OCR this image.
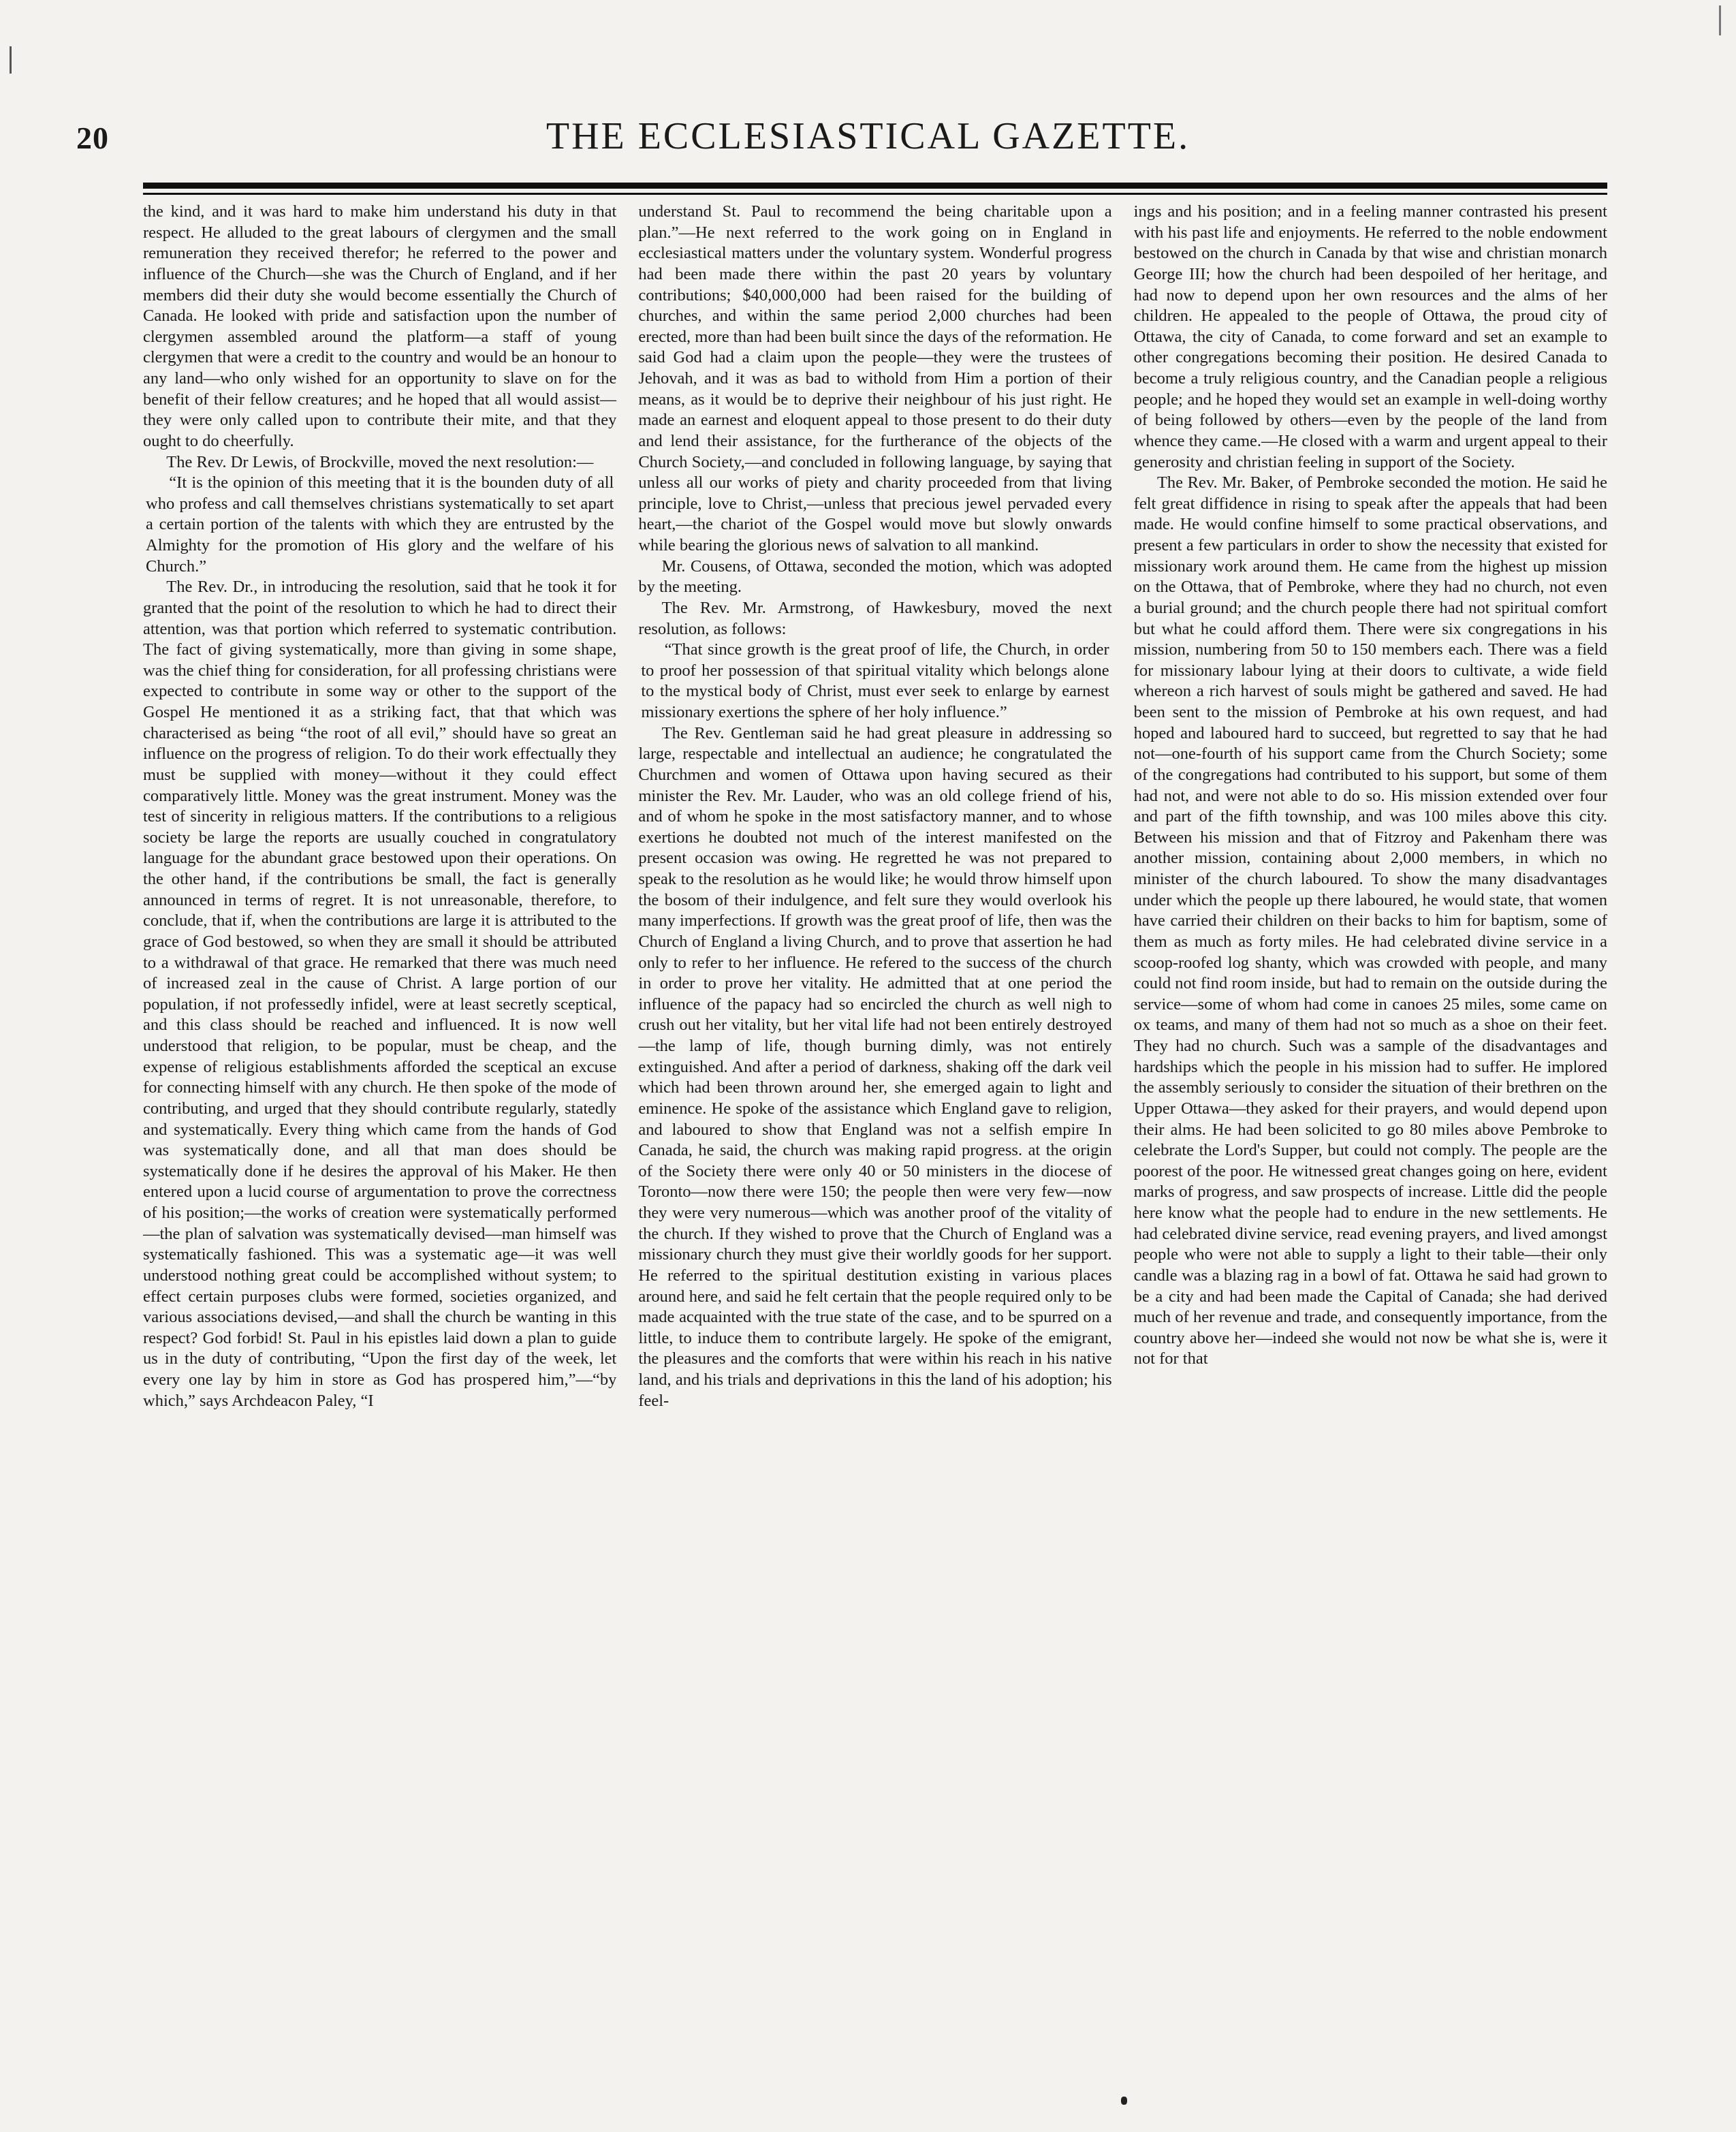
20	THE ECCLESIASTICAL GAZETTE.

the kind, and it was hard to make him understand his duty in that respect. He alluded to the great labours of clergymen and the small remuneration they received therefor; he referred to the power and influence of the Church—she was the Church of England, and if her members did their duty she would become essentially the Church of Canada. He looked with pride and satisfaction upon the number of clergymen assembled around the platform—a staff of young clergymen that were a credit to the country and would be an honour to any land—who only wished for an opportunity to slave on for the benefit of their fellow creatures; and he hoped that all would assist—they were only called upon to contribute their mite, and that they ought to do cheerfully.

The Rev. Dr Lewis, of Brockville, moved the next resolution:—

“It is the opinion of this meeting that it is the bounden duty of all who profess and call themselves christians systematically to set apart a certain portion of the talents with which they are entrusted by the Almighty for the promotion of His glory and the welfare of his Church.”

The Rev. Dr., in introducing the resolution, said that he took it for granted that the point of the resolution to which he had to direct their attention, was that portion which referred to systematic contribution. The fact of giving systematically, more than giving in some shape, was the chief thing for consideration, for all professing christians were expected to contribute in some way or other to the support of the Gospel He mentioned it as a striking fact, that that which was characterised as being “the root of all evil,” should have so great an influence on the progress of religion. To do their work effectually they must be supplied with money—without it they could effect comparatively little. Money was the great instrument. Money was the test of sincerity in religious matters. If the contributions to a religious society be large the reports are usually couched in congratulatory language for the abundant grace bestowed upon their operations. On the other hand, if the contributions be small, the fact is generally announced in terms of regret. It is not unreasonable, therefore, to conclude, that if, when the contributions are large it is attributed to the grace of God bestowed, so when they are small it should be attributed to a withdrawal of that grace. He remarked that there was much need of increased zeal in the cause of Christ. A large portion of our population, if not professedly infidel, were at least secretly sceptical, and this class should be reached and influenced. It is now well understood that religion, to be popular, must be cheap, and the expense of religious establishments afforded the sceptical an excuse for connecting himself with any church. He then spoke of the mode of contributing, and urged that they should contribute regularly, statedly and systematically. Every thing which came from the hands of God was systematically done, and all that man does should be systematically done if he desires the approval of his Maker. He then entered upon a lucid course of argumentation to prove the correctness of his position;—the works of creation were systematically performed—the plan of salvation was systematically devised—man himself was systematically fashioned. This was a systematic age—it was well understood nothing great could be accomplished without system; to effect certain purposes clubs were formed, societies organized, and various associations devised,—and shall the church be wanting in this respect? God forbid! St. Paul in his epistles laid down a plan to guide us in the duty of contributing, “Upon the first day of the week, let every one lay by him in store as God has prospered him,”—“by which,” says Archdeacon Paley, “I

understand St. Paul to recommend the being charitable upon a plan.”—He next referred to the work going on in England in ecclesiastical matters under the voluntary system. Wonderful progress had been made there within the past 20 years by voluntary contributions; $40,000,000 had been raised for the building of churches, and within the same period 2,000 churches had been erected, more than had been built since the days of the reformation. He said God had a claim upon the people—they were the trustees of Jehovah, and it was as bad to withold from Him a portion of their means, as it would be to deprive their neighbour of his just right. He made an earnest and eloquent appeal to those present to do their duty and lend their assistance, for the furtherance of the objects of the Church Society,—and concluded in following language, by saying that unless all our works of piety and charity proceeded from that living principle, love to Christ,—unless that precious jewel pervaded every heart,—the chariot of the Gospel would move but slowly onwards while bearing the glorious news of salvation to all mankind.

Mr. Cousens, of Ottawa, seconded the motion, which was adopted by the meeting.

The Rev. Mr. Armstrong, of Hawkesbury, moved the next resolution, as follows:

“That since growth is the great proof of life, the Church, in order to proof her possession of that spiritual vitality which belongs alone to the mystical body of Christ, must ever seek to enlarge by earnest missionary exertions the sphere of her holy influence.”

The Rev. Gentleman said he had great pleasure in addressing so large, respectable and intellectual an audience; he congratulated the Churchmen and women of Ottawa upon having secured as their minister the Rev. Mr. Lauder, who was an old college friend of his, and of whom he spoke in the most satisfactory manner, and to whose exertions he doubted not much of the interest manifested on the present occasion was owing. He regretted he was not prepared to speak to the resolution as he would like; he would throw himself upon the bosom of their indulgence, and felt sure they would overlook his many imperfections. If growth was the great proof of life, then was the Church of England a living Church, and to prove that assertion he had only to refer to her influence. He refered to the success of the church in order to prove her vitality. He admitted that at one period the influence of the papacy had so encircled the church as well nigh to crush out her vitality, but her vital life had not been entirely destroyed—the lamp of life, though burning dimly, was not entirely extinguished. And after a period of darkness, shaking off the dark veil which had been thrown around her, she emerged again to light and eminence. He spoke of the assistance which England gave to religion, and laboured to show that England was not a selfish empire In Canada, he said, the church was making rapid progress. at the origin of the Society there were only 40 or 50 ministers in the diocese of Toronto—now there were 150; the people then were very few—now they were very numerous—which was another proof of the vitality of the church. If they wished to prove that the Church of England was a missionary church they must give their worldly goods for her support. He referred to the spiritual destitution existing in various places around here, and said he felt certain that the people required only to be made acquainted with the true state of the case, and to be spurred on a little, to induce them to contribute largely. He spoke of the emigrant, the pleasures and the comforts that were within his reach in his native land, and his trials and deprivations in this the land of his adoption; his feel-

ings and his position; and in a feeling manner contrasted his present with his past life and enjoyments. He referred to the noble endowment bestowed on the church in Canada by that wise and christian monarch George III; how the church had been despoiled of her heritage, and had now to depend upon her own resources and the alms of her children. He appealed to the people of Ottawa, the proud city of Ottawa, the city of Canada, to come forward and set an example to other congregations becoming their position. He desired Canada to become a truly religious country, and the Canadian people a religious people; and he hoped they would set an example in well-doing worthy of being followed by others—even by the people of the land from whence they came.—He closed with a warm and urgent appeal to their generosity and christian feeling in support of the Society.

The Rev. Mr. Baker, of Pembroke seconded the motion. He said he felt great diffidence in rising to speak after the appeals that had been made. He would confine himself to some practical observations, and present a few particulars in order to show the necessity that existed for missionary work around them. He came from the highest up mission on the Ottawa, that of Pembroke, where they had no church, not even a burial ground; and the church people there had not spiritual comfort but what he could afford them. There were six congregations in his mission, numbering from 50 to 150 members each. There was a field for missionary labour lying at their doors to cultivate, a wide field whereon a rich harvest of souls might be gathered and saved. He had been sent to the mission of Pembroke at his own request, and had hoped and laboured hard to succeed, but regretted to say that he had not—one-fourth of his support came from the Church Society; some of the congregations had contributed to his support, but some of them had not, and were not able to do so. His mission extended over four and part of the fifth township, and was 100 miles above this city. Between his mission and that of Fitzroy and Pakenham there was another mission, containing about 2,000 members, in which no minister of the church laboured. To show the many disadvantages under which the people up there laboured, he would state, that women have carried their children on their backs to him for baptism, some of them as much as forty miles. He had celebrated divine service in a scoop-roofed log shanty, which was crowded with people, and many could not find room inside, but had to remain on the outside during the service—some of whom had come in canoes 25 miles, some came on ox teams, and many of them had not so much as a shoe on their feet. They had no church. Such was a sample of the disadvantages and hardships which the people in his mission had to suffer. He implored the assembly seriously to consider the situation of their brethren on the Upper Ottawa—they asked for their prayers, and would depend upon their alms. He had been solicited to go 80 miles above Pembroke to celebrate the Lord's Supper, but could not comply. The people are the poorest of the poor. He witnessed great changes going on here, evident marks of progress, and saw prospects of increase. Little did the people here know what the people had to endure in the new settlements. He had celebrated divine service, read evening prayers, and lived amongst people who were not able to supply a light to their table—their only candle was a blazing rag in a bowl of fat. Ottawa he said had grown to be a city and had been made the Capital of Canada; she had derived much of her revenue and trade, and consequently importance, from the country above her—indeed she would not now be what she is, were it not for that
